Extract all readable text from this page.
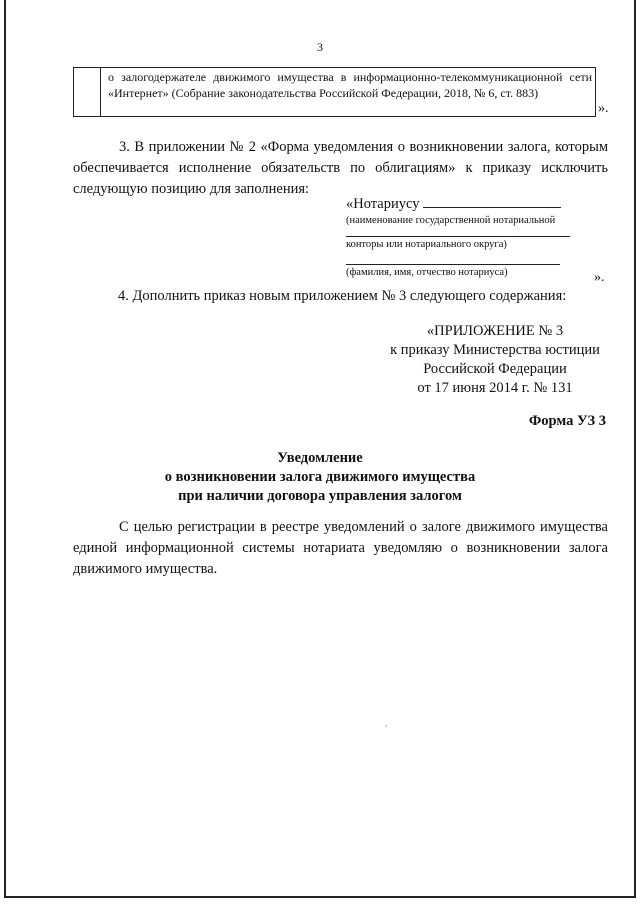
3
о залогодержателе движимого имущества в информационно-телекоммуникационной сети «Интернет» (Собрание законодательства Российской Федерации, 2018, № 6, ст. 883)
».
3. В приложении № 2 «Форма уведомления о возникновении залога, которым обеспечивается исполнение обязательств по облигациям» к приказу исключить следующую позицию для заполнения:
«Нотариусу
(наименование государственной нотариальной
конторы или нотариального округа)
(фамилия, имя, отчество нотариуса)	».
4. Дополнить приказ новым приложением № 3 следующего содержания:
«ПРИЛОЖЕНИЕ № 3
к приказу Министерства юстиции
Российской Федерации
от 17 июня 2014 г. № 131
Форма УЗ 3
Уведомление
о возникновении залога движимого имущества
при наличии договора управления залогом
С целью регистрации в реестре уведомлений о залоге движимого имущества единой информационной системы нотариата уведомляю о возникновении залога движимого имущества.
´
